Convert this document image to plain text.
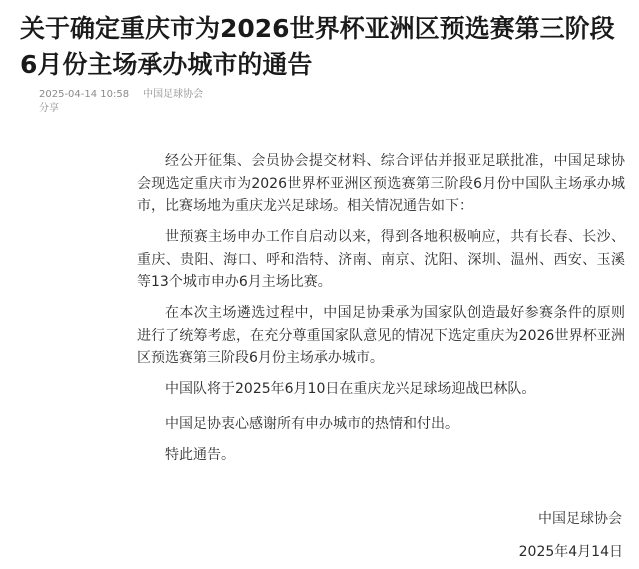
关于确定重庆市为2026世界杯亚洲区预选赛第三阶段6月份主场承办城市的通告
2025-04-14 10:58 中国足球协会
分享

经公开征集、会员协会提交材料、综合评估并报亚足联批准，中国足球协会现选定重庆市为2026世界杯亚洲区预选赛第三阶段6月份中国队主场承办城市，比赛场地为重庆龙兴足球场。相关情况通告如下：

世预赛主场申办工作自启动以来，得到各地积极响应，共有长春、长沙、重庆、贵阳、海口、呼和浩特、济南、南京、沈阳、深圳、温州、西安、玉溪等13个城市申办6月主场比赛。

在本次主场遴选过程中，中国足协秉承为国家队创造最好参赛条件的原则进行了统筹考虑，在充分尊重国家队意见的情况下选定重庆为2026世界杯亚洲区预选赛第三阶段6月份主场承办城市。

中国队将于2025年6月10日在重庆龙兴足球场迎战巴林队。

中国足协衷心感谢所有申办城市的热情和付出。

特此通告。

中国足球协会
2025年4月14日
